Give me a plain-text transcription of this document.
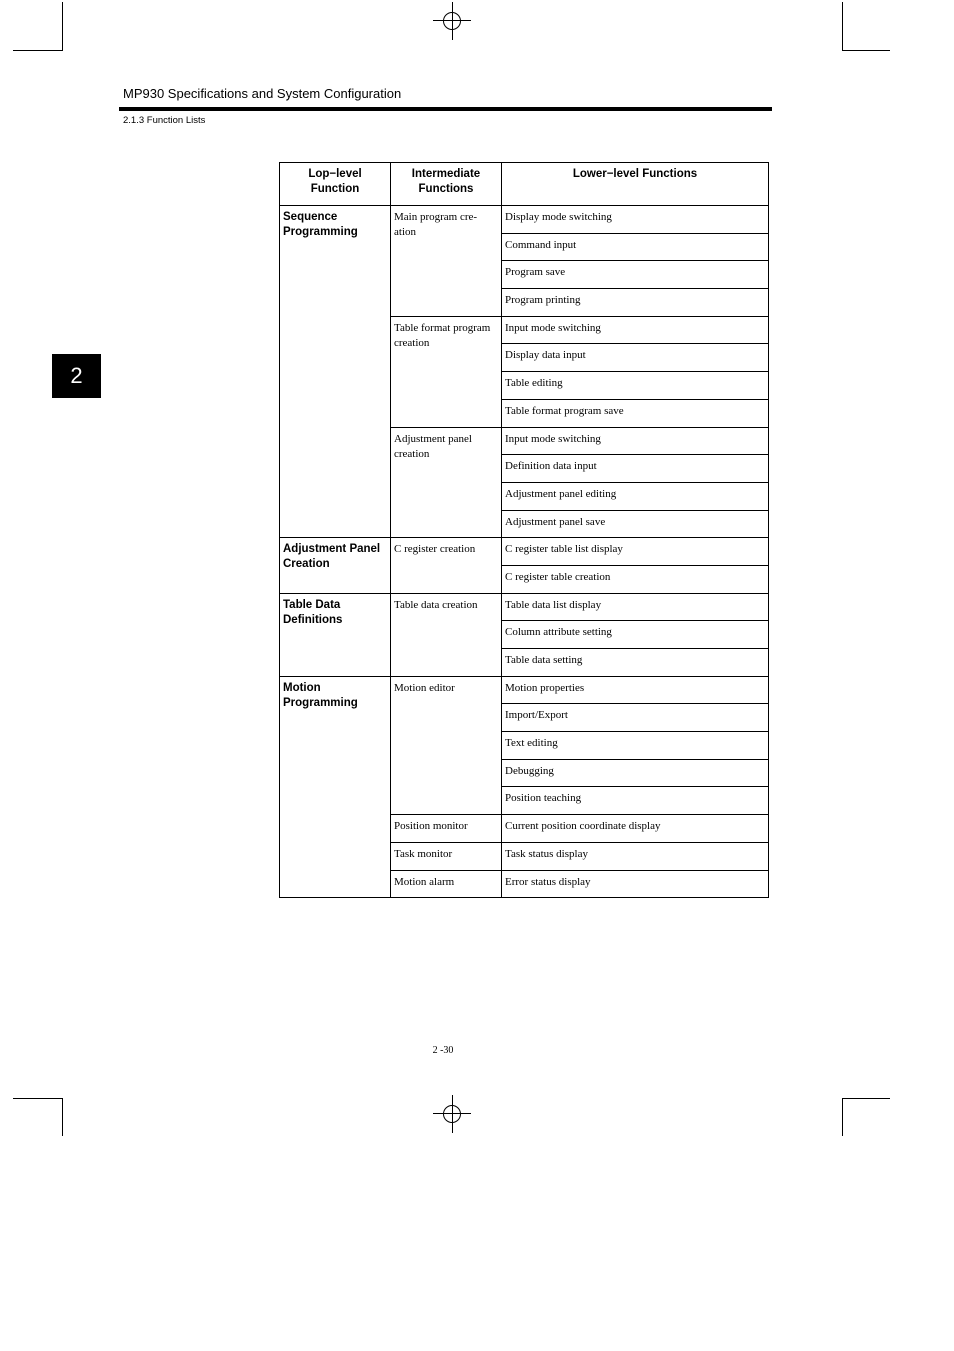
MP930 Specifications and System Configuration
2.1.3 Function Lists
2
Lop−level Function	Intermediate Functions	Lower−level Functions
Sequence Programming	Main program cre- ation	Display mode switching
		Command input
		Program save
		Program printing
	Table format program creation	Input mode switching
		Display data input
		Table editing
		Table format program save
	Adjustment panel creation	Input mode switching
		Definition data input
		Adjustment panel editing
		Adjustment panel save
Adjustment Panel Creation	C register creation	C register table list display
		C register table creation
Table Data Definitions	Table data creation	Table data list display
		Column attribute setting
		Table data setting
Motion Programming	Motion editor	Motion properties
		Import/Export
		Text editing
		Debugging
		Position teaching
	Position monitor	Current position coordinate display
	Task monitor	Task status display
	Motion alarm	Error status display
2 -30
